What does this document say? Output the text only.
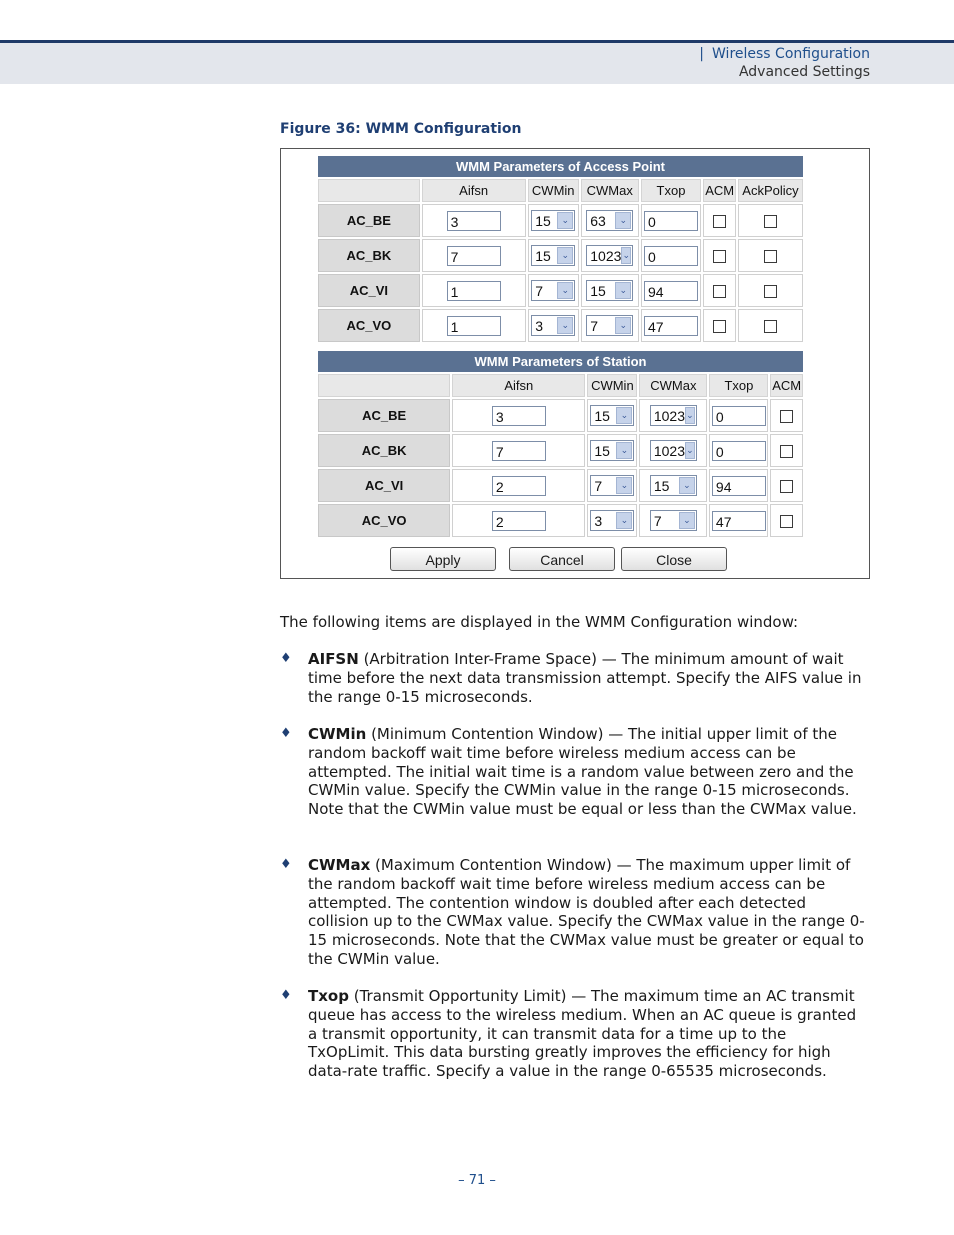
| Wireless Configuration
Advanced Settings
Figure 36: WMM Configuration
WMM Parameters of Access Point						
	Aifsn	CWMin	CWMax	Txop	ACM	AckPolicy
AC_BE	3	15 ⌄	63 ⌄	0		
AC_BK	7	15 ⌄	1023 ⌄	0		
AC_VI	1	7 ⌄	15 ⌄	94		
AC_VO	1	3 ⌄	7 ⌄	47		
WMM Parameters of Station					
	Aifsn	CWMin	CWMax	Txop	ACM
AC_BE	3	15 ⌄	1023 ⌄	0	
AC_BK	7	15 ⌄	1023 ⌄	0	
AC_VI	2	7 ⌄	15 ⌄	94	
AC_VO	2	3 ⌄	7 ⌄	47	
Apply	Cancel	Close
The following items are displayed in the WMM Configuration window:
♦ AIFSN (Arbitration Inter-Frame Space) — The minimum amount of wait time before the next data transmission attempt. Specify the AIFS value in the range 0-15 microseconds.
♦ CWMin (Minimum Contention Window) — The initial upper limit of the random backoff wait time before wireless medium access can be attempted. The initial wait time is a random value between zero and the CWMin value. Specify the CWMin value in the range 0-15 microseconds. Note that the CWMin value must be equal or less than the CWMax value.
♦ CWMax (Maximum Contention Window) — The maximum upper limit of the random backoff wait time before wireless medium access can be attempted. The contention window is doubled after each detected collision up to the CWMax value. Specify the CWMax value in the range 0-15 microseconds. Note that the CWMax value must be greater or equal to the CWMin value.
♦ Txop (Transmit Opportunity Limit) — The maximum time an AC transmit queue has access to the wireless medium. When an AC queue is granted a transmit opportunity, it can transmit data for a time up to the TxOpLimit. This data bursting greatly improves the efficiency for high data-rate traffic. Specify a value in the range 0-65535 microseconds.
– 71 –
